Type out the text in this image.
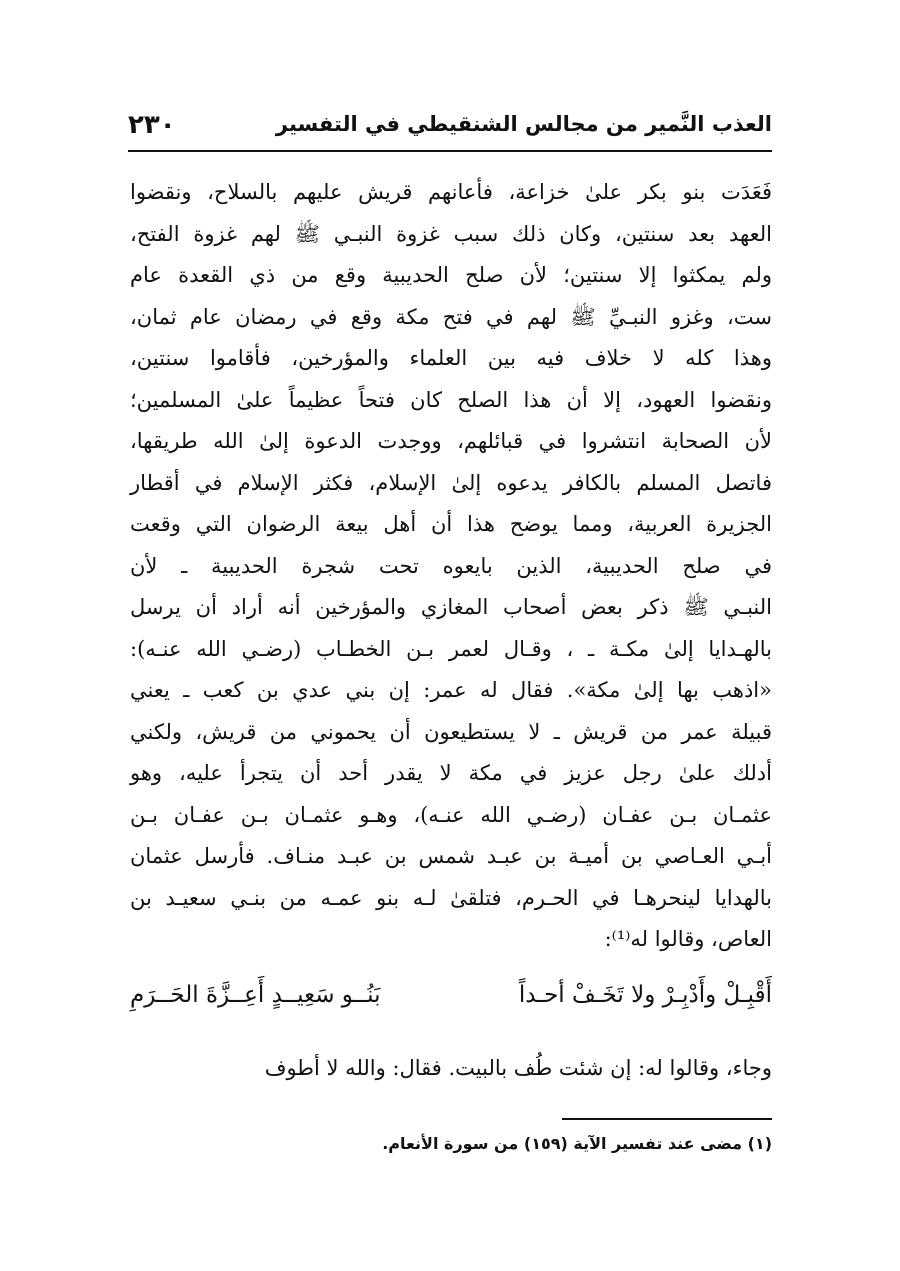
العذب النَّمير من مجالس الشنقيطي في التفسير
٢٣٠
فَعَدَت بنو بكر علىٰ خزاعة، فأعانهم قريش عليهم بالسلاح، ونقضوا
العهد بعد سنتين، وكان ذلك سبب غزوة النبـي ﷺ لهم غزوة الفتح،
ولم يمكثوا إلا سنتين؛ لأن صلح الحديبية وقع من ذي القعدة عام
ست، وغزو النبـيِّ ﷺ لهم في فتح مكة وقع في رمضان عام ثمان،
وهذا كله لا خلاف فيه بين العلماء والمؤرخين، فأقاموا سنتين،
ونقضوا العهود، إلا أن هذا الصلح كان فتحاً عظيماً علىٰ المسلمين؛
لأن الصحابة انتشروا في قبائلهم، ووجدت الدعوة إلىٰ الله طريقها،
فاتصل المسلم بالكافر يدعوه إلىٰ الإسلام، فكثر الإسلام في أقطار
الجزيرة العربية، ومما يوضح هذا أن أهل بيعة الرضوان التي وقعت
في صلح الحديبية، الذين بايعوه تحت شجرة الحديبية ـ لأن
النبـي ﷺ ذكر بعض أصحاب المغازي والمؤرخين أنه أراد أن يرسل
بالهـدايا إلىٰ مكـة ـ ، وقـال لعمر بـن الخطـاب (رضـي الله عنـه):
«اذهب بها إلىٰ مكة». فقال له عمر: إن بني عدي بن كعب ـ يعني
قبيلة عمر من قريش ـ لا يستطيعون أن يحموني من قريش، ولكني
أدلك علىٰ رجل عزيز في مكة لا يقدر أحد أن يتجرأ عليه، وهو
عثمـان بـن عفـان (رضـي الله عنـه)، وهـو عثمـان بـن عفـان بـن
أبـي العـاصي بن أميـة بن عبـد شمس بن عبـد منـاف. فأرسل عثمان
بالهدايا لينحرهـا في الحـرم، فتلقىٰ لـه بنو عمـه من بنـي سعيـد بن
العاص، وقالوا له⁽¹⁾:
أَقْبِـلْ وأَدْبِـرْ ولا تَخَـفْ أحـداً
بَنُــو سَعِيــدٍ أَعِــزَّةَ الحَــرَمِ
وجاء، وقالوا له: إن شئت طُف بالبيت. فقال: والله لا أطوف
(١) مضى عند تفسير الآية (١٥٩) من سورة الأنعام.
